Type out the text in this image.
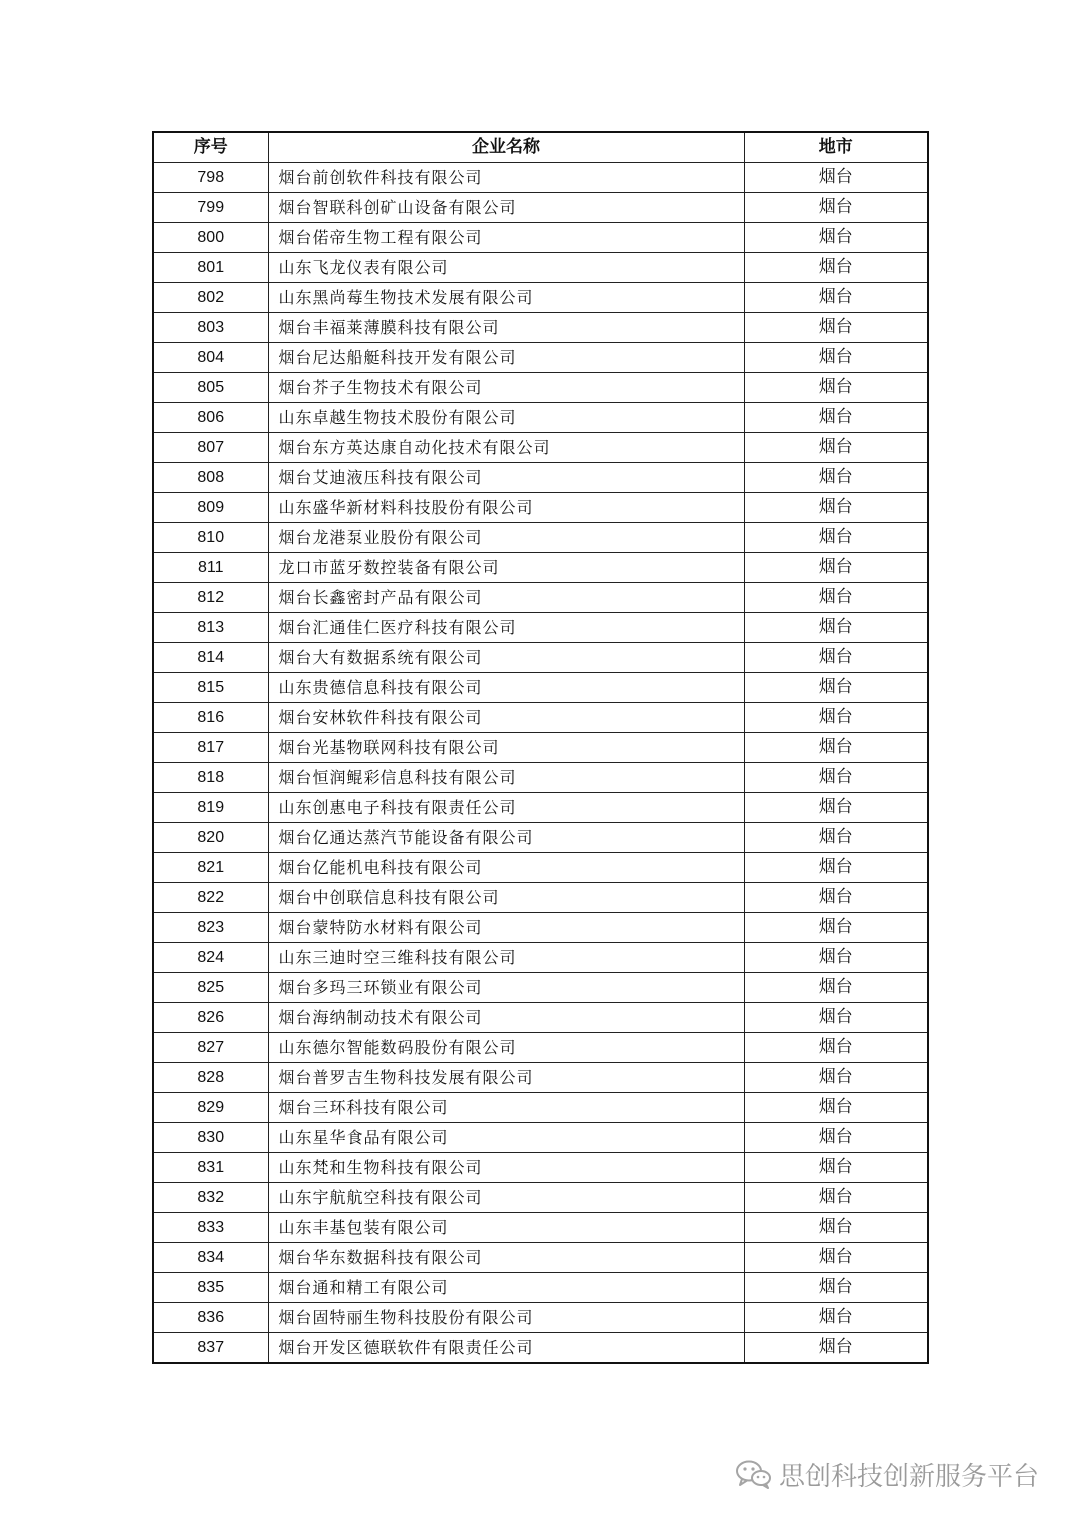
序号	企业名称	地市
798	烟台前创软件科技有限公司	烟台
799	烟台智联科创矿山设备有限公司	烟台
800	烟台偌帝生物工程有限公司	烟台
801	山东飞龙仪表有限公司	烟台
802	山东黑尚莓生物技术发展有限公司	烟台
803	烟台丰福莱薄膜科技有限公司	烟台
804	烟台尼达船艇科技开发有限公司	烟台
805	烟台芥子生物技术有限公司	烟台
806	山东卓越生物技术股份有限公司	烟台
807	烟台东方英达康自动化技术有限公司	烟台
808	烟台艾迪液压科技有限公司	烟台
809	山东盛华新材料科技股份有限公司	烟台
810	烟台龙港泵业股份有限公司	烟台
811	龙口市蓝牙数控装备有限公司	烟台
812	烟台长鑫密封产品有限公司	烟台
813	烟台汇通佳仁医疗科技有限公司	烟台
814	烟台大有数据系统有限公司	烟台
815	山东贵德信息科技有限公司	烟台
816	烟台安林软件科技有限公司	烟台
817	烟台光基物联网科技有限公司	烟台
818	烟台恒润鲲彩信息科技有限公司	烟台
819	山东创惠电子科技有限责任公司	烟台
820	烟台亿通达蒸汽节能设备有限公司	烟台
821	烟台亿能机电科技有限公司	烟台
822	烟台中创联信息科技有限公司	烟台
823	烟台蒙特防水材料有限公司	烟台
824	山东三迪时空三维科技有限公司	烟台
825	烟台多玛三环锁业有限公司	烟台
826	烟台海纳制动技术有限公司	烟台
827	山东德尔智能数码股份有限公司	烟台
828	烟台普罗吉生物科技发展有限公司	烟台
829	烟台三环科技有限公司	烟台
830	山东星华食品有限公司	烟台
831	山东梵和生物科技有限公司	烟台
832	山东宇航航空科技有限公司	烟台
833	山东丰基包装有限公司	烟台
834	烟台华东数据科技有限公司	烟台
835	烟台通和精工有限公司	烟台
836	烟台固特丽生物科技股份有限公司	烟台
837	烟台开发区德联软件有限责任公司	烟台
思创科技创新服务平台
